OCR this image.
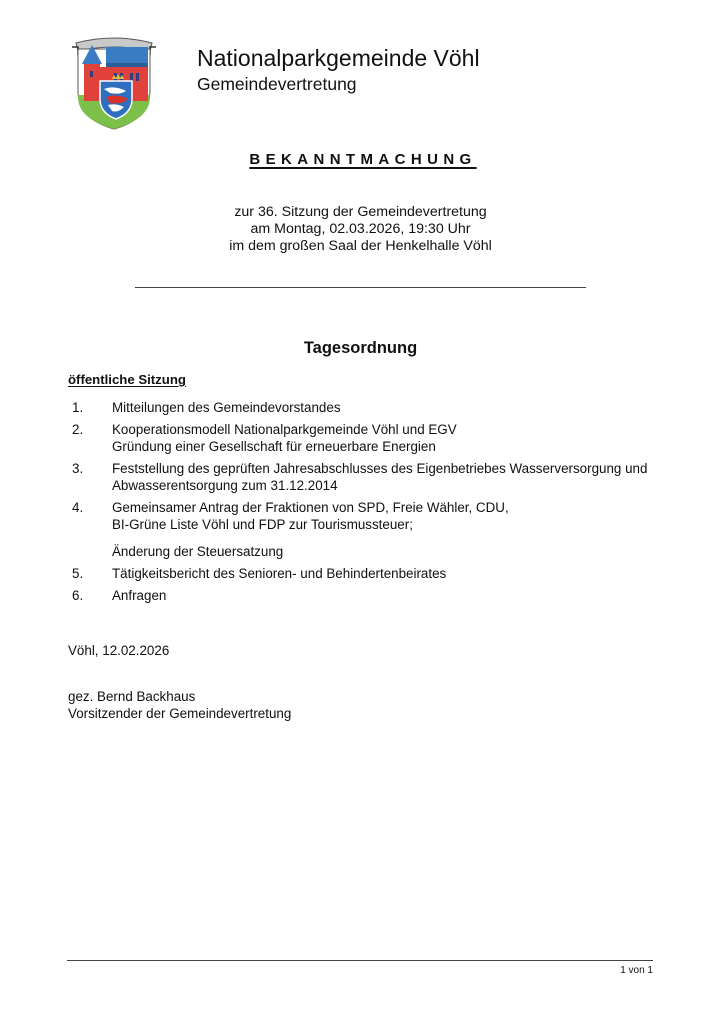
Nationalparkgemeinde Vöhl
Gemeindevertretung
BEKANNTMACHUNG
zur 36. Sitzung der Gemeindevertretung
am Montag, 02.03.2026, 19:30 Uhr
im dem großen Saal der Henkelhalle Vöhl
Tagesordnung
öffentliche Sitzung
1. Mitteilungen des Gemeindevorstandes
2. Kooperationsmodell Nationalparkgemeinde Vöhl und EGV
Gründung einer Gesellschaft für erneuerbare Energien
3. Feststellung des geprüften Jahresabschlusses des Eigenbetriebes Wasserversorgung und
Abwasserentsorgung zum 31.12.2014
4. Gemeinsamer Antrag der Fraktionen von SPD, Freie Wähler, CDU,
BI-Grüne Liste Vöhl und FDP zur Tourismussteuer;
Änderung der Steuersatzung
5. Tätigkeitsbericht des Senioren- und Behindertenbeirates
6. Anfragen
Vöhl, 12.02.2026
gez. Bernd Backhaus
Vorsitzender der Gemeindevertretung
1 von 1
